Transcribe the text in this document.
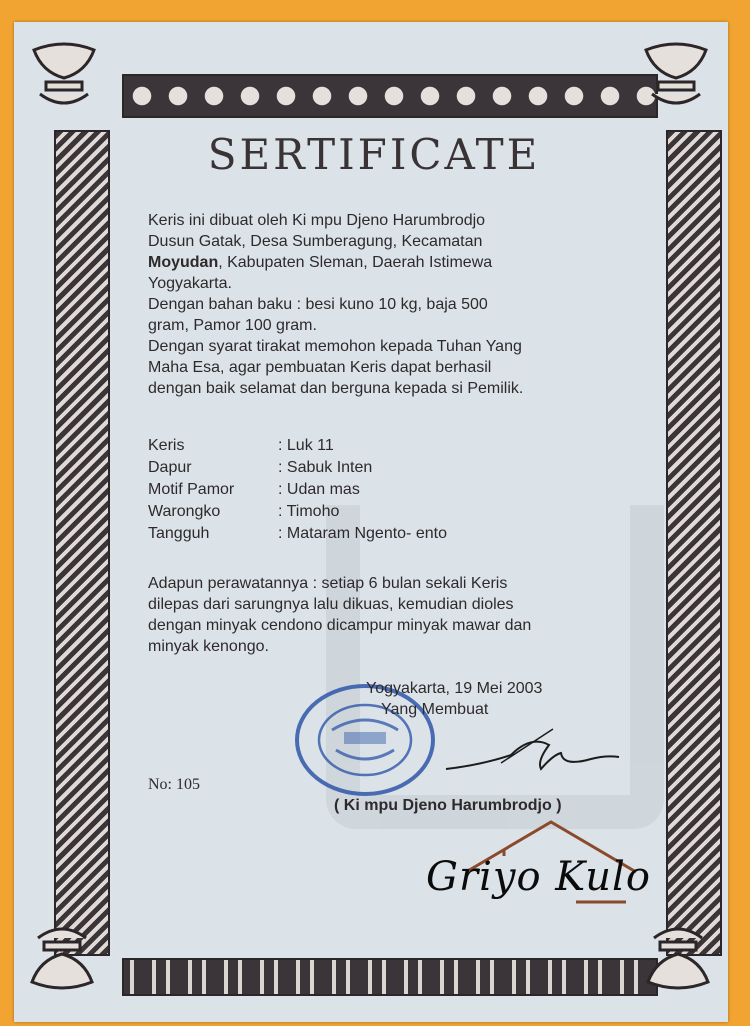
SERTIFICATE
Keris ini dibuat oleh Ki mpu Djeno Harumbrodjo
Dusun Gatak, Desa Sumberagung, Kecamatan
Moyudan, Kabupaten Sleman, Daerah Istimewa
Yogyakarta.
Dengan bahan baku : besi kuno 10 kg, baja 500
gram, Pamor 100 gram.
Dengan syarat tirakat memohon kepada Tuhan Yang
Maha Esa, agar pembuatan Keris dapat berhasil
dengan baik selamat dan berguna kepada si Pemilik.
Keris	: Luk 11
Dapur	: Sabuk Inten
Motif Pamor	: Udan mas
Warongko	: Timoho
Tangguh	: Mataram Ngento- ento
Adapun perawatannya : setiap 6 bulan sekali Keris
dilepas dari sarungnya lalu dikuas, kemudian dioles
dengan minyak cendono dicampur minyak mawar dan
minyak kenongo.
Yogyakarta, 19 Mei 2003
Yang Membuat
( Ki mpu Djeno Harumbrodjo )
No: 105
Griyo Kulo
